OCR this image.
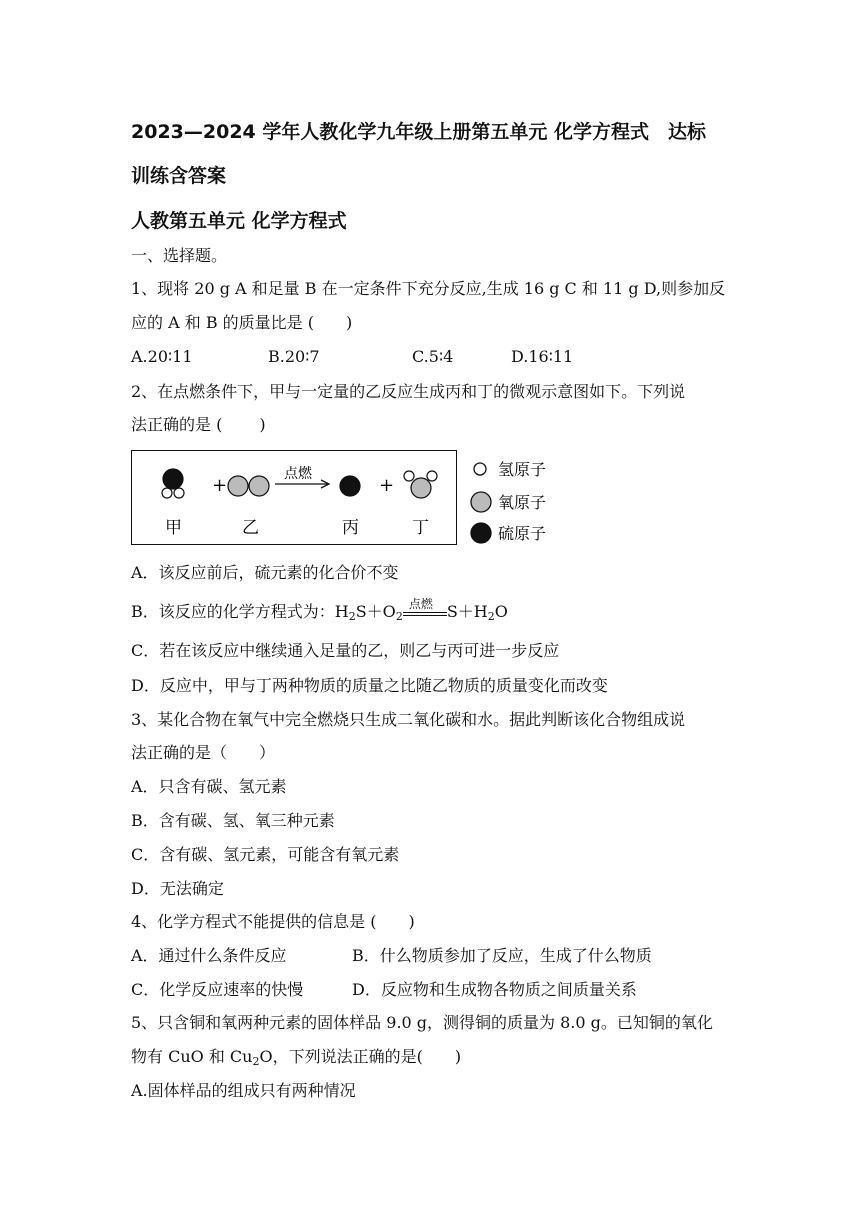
2023—2024 学年人教化学九年级上册第五单元 化学方程式　达标
训练含答案
人教第五单元 化学方程式
一、选择题。
1、现将 20 g A 和足量 B 在一定条件下充分反应,生成 16 g C 和 11 g D,则参加反
应的 A 和 B 的质量比是 (　　)
A.20∶11	B.20∶7	C.5∶4	D.16∶11
2、在点燃条件下，甲与一定量的乙反应生成丙和丁的微观示意图如下。下列说
法正确的是 (　　 )
+
点燃
+
甲	乙	丙	丁
氢原子
氧原子
硫原子
A．该反应前后，硫元素的化合价不变
B．该反应的化学方程式为：$H_2S+O_2$
点燃 $S+H_2O$
C．若在该反应中继续通入足量的乙，则乙与丙可进一步反应
D．反应中，甲与丁两种物质的质量之比随乙物质的质量变化而改变
3、某化合物在氧气中完全燃烧只生成二氧化碳和水。据此判断该化合物组成说
法正确的是（　　）
A．只含有碳、氢元素
B．含有碳、氢、氧三种元素
C．含有碳、氢元素，可能含有氧元素
D．无法确定
4、化学方程式不能提供的信息是 (　　)
A．通过什么条件反应	B．什么物质参加了反应，生成了什么物质
C．化学反应速率的快慢	D．反应物和生成物各物质之间质量关系
5、只含铜和氧两种元素的固体样品 9.0 g，测得铜的质量为 8.0 g。已知铜的氧化
物有 CuO 和 $Cu_2O$，下列说法正确的是(　　)
A.固体样品的组成只有两种情况
